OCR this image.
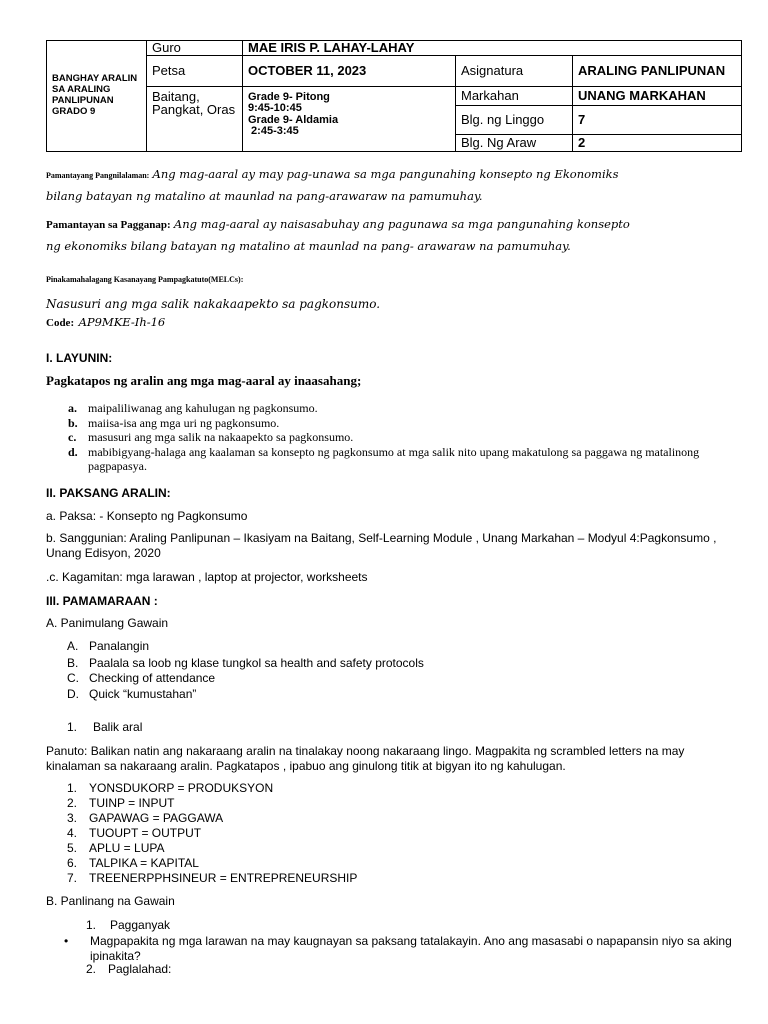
BANGHAY ARALIN SA ARALING PANLIPUNAN GRADO 9	Guro	MAE IRIS P. LAHAY-LAHAY		
	Petsa	OCTOBER 11, 2023	Asignatura	ARALING PANLIPUNAN

	Baitang, Pangkat, Oras	Grade 9- Pitong
9:45-10:45
Grade 9- Aldamia
2:45-3:45	Markahan	UNANG MARKAHAN
			Blg. ng Linggo	7
			Blg. Ng Araw	2
Pamantayang Pangnilalaman: Ang mag-aaral ay may pag-unawa sa mga pangunahing konsepto ng Ekonomiks
bilang batayan ng matalino at maunlad na pang-arawaraw na pamumuhay.
Pamantayan sa Pagganap: Ang mag-aaral ay naisasabuhay ang pagunawa sa mga pangunahing konsepto
ng ekonomiks bilang batayan ng matalino at maunlad na pang- arawaraw na pamumuhay.
Pinakamahalagang Kasanayang Pampagkatuto(MELCs):
Nasusuri ang mga salik nakakaapekto sa pagkonsumo.
Code: AP9MKE-Ih-16
I. LAYUNIN:
Pagkatapos ng aralin ang mga mag-aaral ay inaasahang;
a. maipaliliwanag ang kahulugan ng pagkonsumo.
b. maiisa-isa ang mga uri ng pagkonsumo.
c. masusuri ang mga salik na nakaapekto sa pagkonsumo.
d. mabibigyang-halaga ang kaalaman sa konsepto ng pagkonsumo at mga salik nito upang makatulong sa paggawa ng matalinong pagpapasya.
II. PAKSANG ARALIN:
a. Paksa: - Konsepto ng Pagkonsumo
b. Sanggunian: Araling Panlipunan – Ikasiyam na Baitang, Self-Learning Module , Unang Markahan – Modyul 4:Pagkonsumo , Unang Edisyon, 2020
.c. Kagamitan: mga larawan , laptop at projector, worksheets
III. PAMAMARAAN :
A. Panimulang Gawain
A. Panalangin
B. Paalala sa loob ng klase tungkol sa health and safety protocols
C. Checking of attendance
D. Quick “kumustahan”
1. Balik aral
Panuto: Balikan natin ang nakaraang aralin na tinalakay noong nakaraang lingo. Magpakita ng scrambled letters na may kinalaman sa nakaraang aralin. Pagkatapos , ipabuo ang ginulong titik at bigyan ito ng kahulugan.
1. YONSDUKORP = PRODUKSYON
2. TUINP = INPUT
3. GAPAWAG = PAGGAWA
4. TUOUPT = OUTPUT
5. APLU = LUPA
6. TALPIKA = KAPITAL
7. TREENERPPHSINEUR = ENTREPRENEURSHIP
B. Panlinang na Gawain
1. Pagganyak
•	Magpapakita ng mga larawan na may kaugnayan sa paksang tatalakayin. Ano ang masasabi o napapansin niyo sa aking ipinakita?
2. Paglalahad:
